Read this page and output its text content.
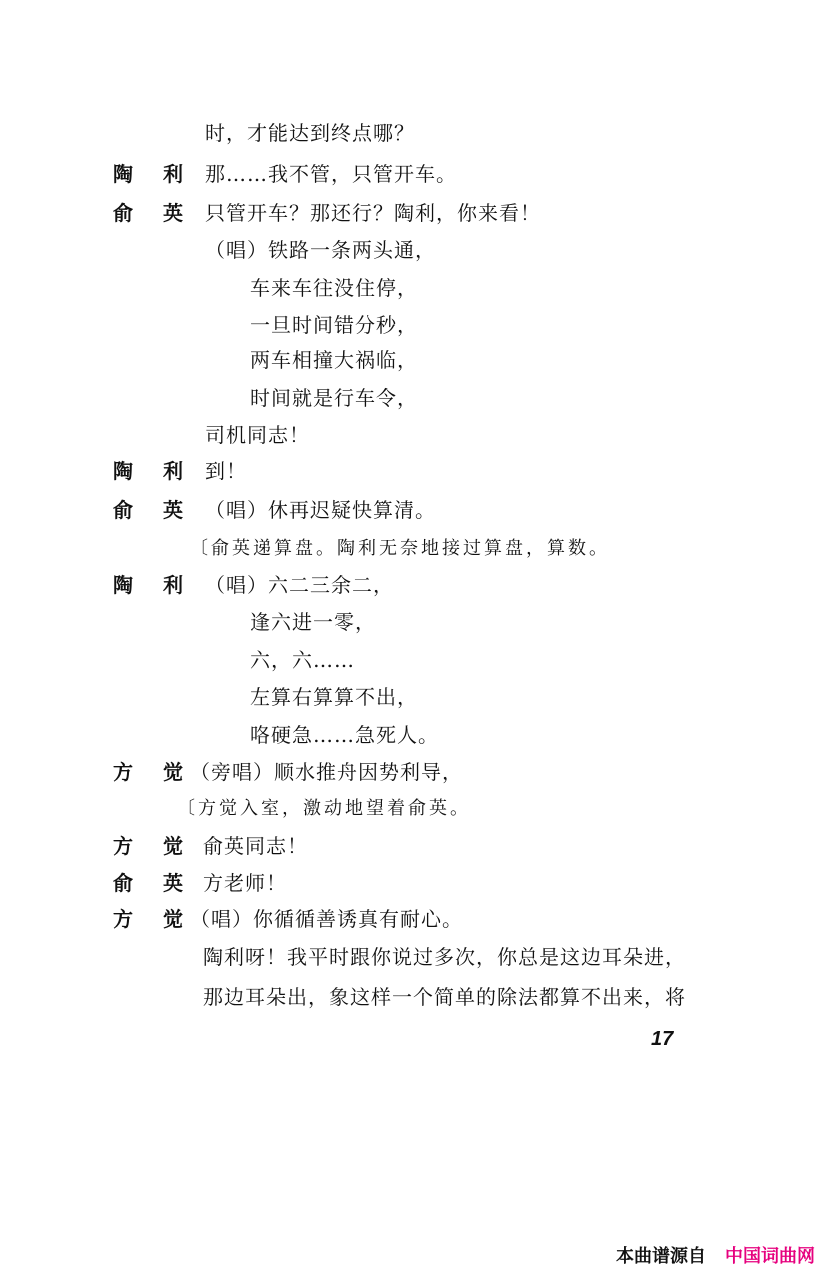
时，才能达到终点哪？
陶利
那……我不管，只管开车。
俞英
只管开车？那还行？陶利，你来看！
（唱）铁路一条两头通，
车来车往没住停，
一旦时间错分秒，
两车相撞大祸临，
时间就是行车令，
司机同志！
陶利
到！
俞英
（唱）休再迟疑快算清。
〔俞英递算盘。陶利无奈地接过算盘，算数。
陶利
（唱）六二三余二，
逢六进一零，
六，六……
左算右算算不出，
咯硬急……急死人。
方觉
（旁唱）顺水推舟因势利导，
〔方觉入室，激动地望着俞英。
方觉
俞英同志！
俞英
方老师！
方觉
（唱）你循循善诱真有耐心。
陶利呀！我平时跟你说过多次，你总是这边耳朵进，
那边耳朵出，象这样一个简单的除法都算不出来，将
17
本曲谱源自 中国词曲网
